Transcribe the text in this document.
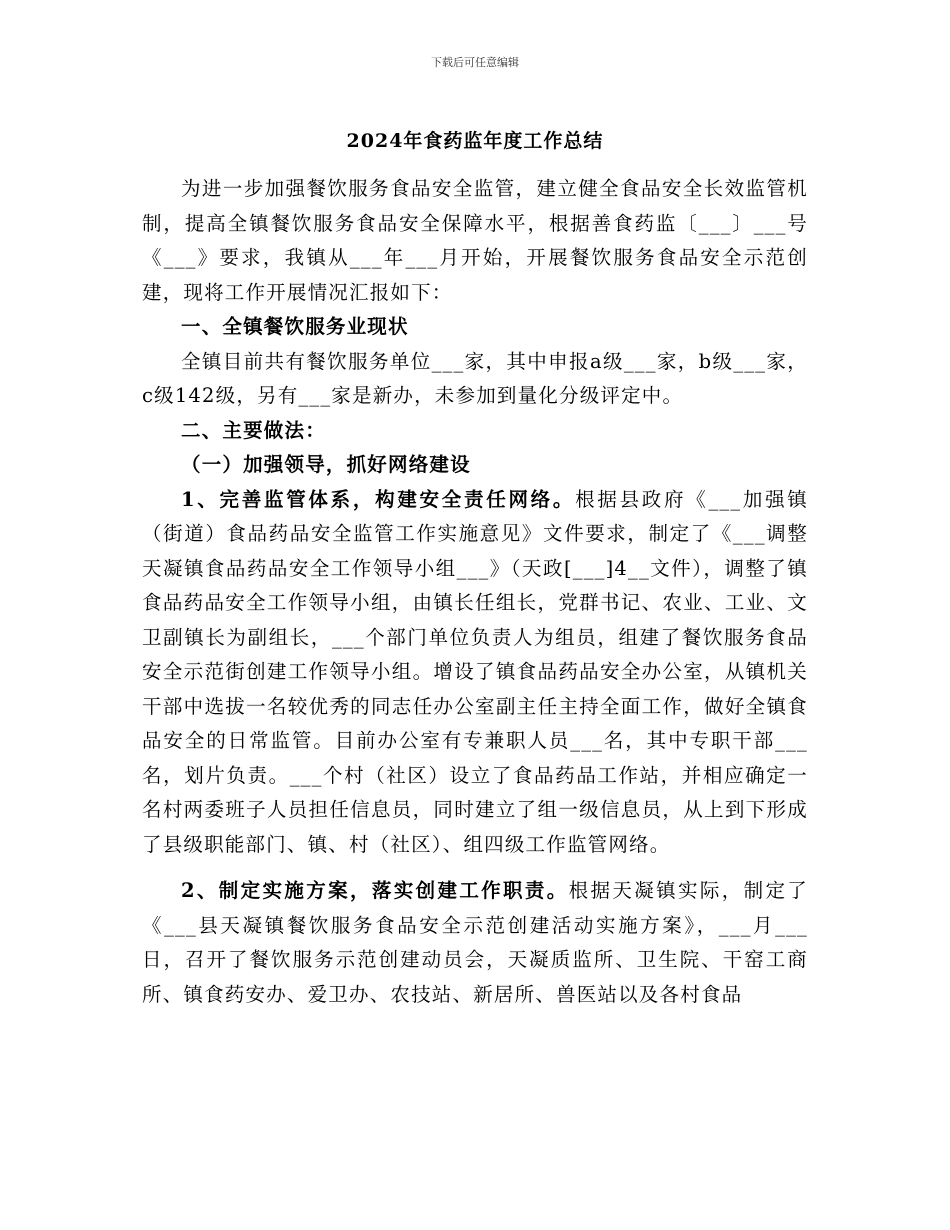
下载后可任意编辑
2024年食药监年度工作总结

为进一步加强餐饮服务食品安全监管，建立健全食品安全长效监管机制，提高全镇餐饮服务食品安全保障水平，根据善食药监〔___〕___号《___》要求，我镇从___年___月开始，开展餐饮服务食品安全示范创建，现将工作开展情况汇报如下：

一、全镇餐饮服务业现状

全镇目前共有餐饮服务单位___家，其中申报a级___家，b级___家，c级142级，另有___家是新办，未参加到量化分级评定中。

二、主要做法：

（一）加强领导，抓好网络建设

1、完善监管体系，构建安全责任网络。根据县政府《___加强镇（街道）食品药品安全监管工作实施意见》文件要求，制定了《___调整天凝镇食品药品安全工作领导小组___》（天政[___]4__文件），调整了镇食品药品安全工作领导小组，由镇长任组长，党群书记、农业、工业、文卫副镇长为副组长，___个部门单位负责人为组员，组建了餐饮服务食品安全示范街创建工作领导小组。增设了镇食品药品安全办公室，从镇机关干部中选拔一名较优秀的同志任办公室副主任主持全面工作，做好全镇食品安全的日常监管。目前办公室有专兼职人员___名，其中专职干部___名，划片负责。___个村（社区）设立了食品药品工作站，并相应确定一名村两委班子人员担任信息员，同时建立了组一级信息员，从上到下形成了县级职能部门、镇、村（社区）、组四级工作监管网络。

2、制定实施方案，落实创建工作职责。根据天凝镇实际，制定了《___县天凝镇餐饮服务食品安全示范创建活动实施方案》，___月___日，召开了餐饮服务示范创建动员会，天凝质监所、卫生院、干窑工商所、镇食药安办、爱卫办、农技站、新居所、兽医站以及各村食品
